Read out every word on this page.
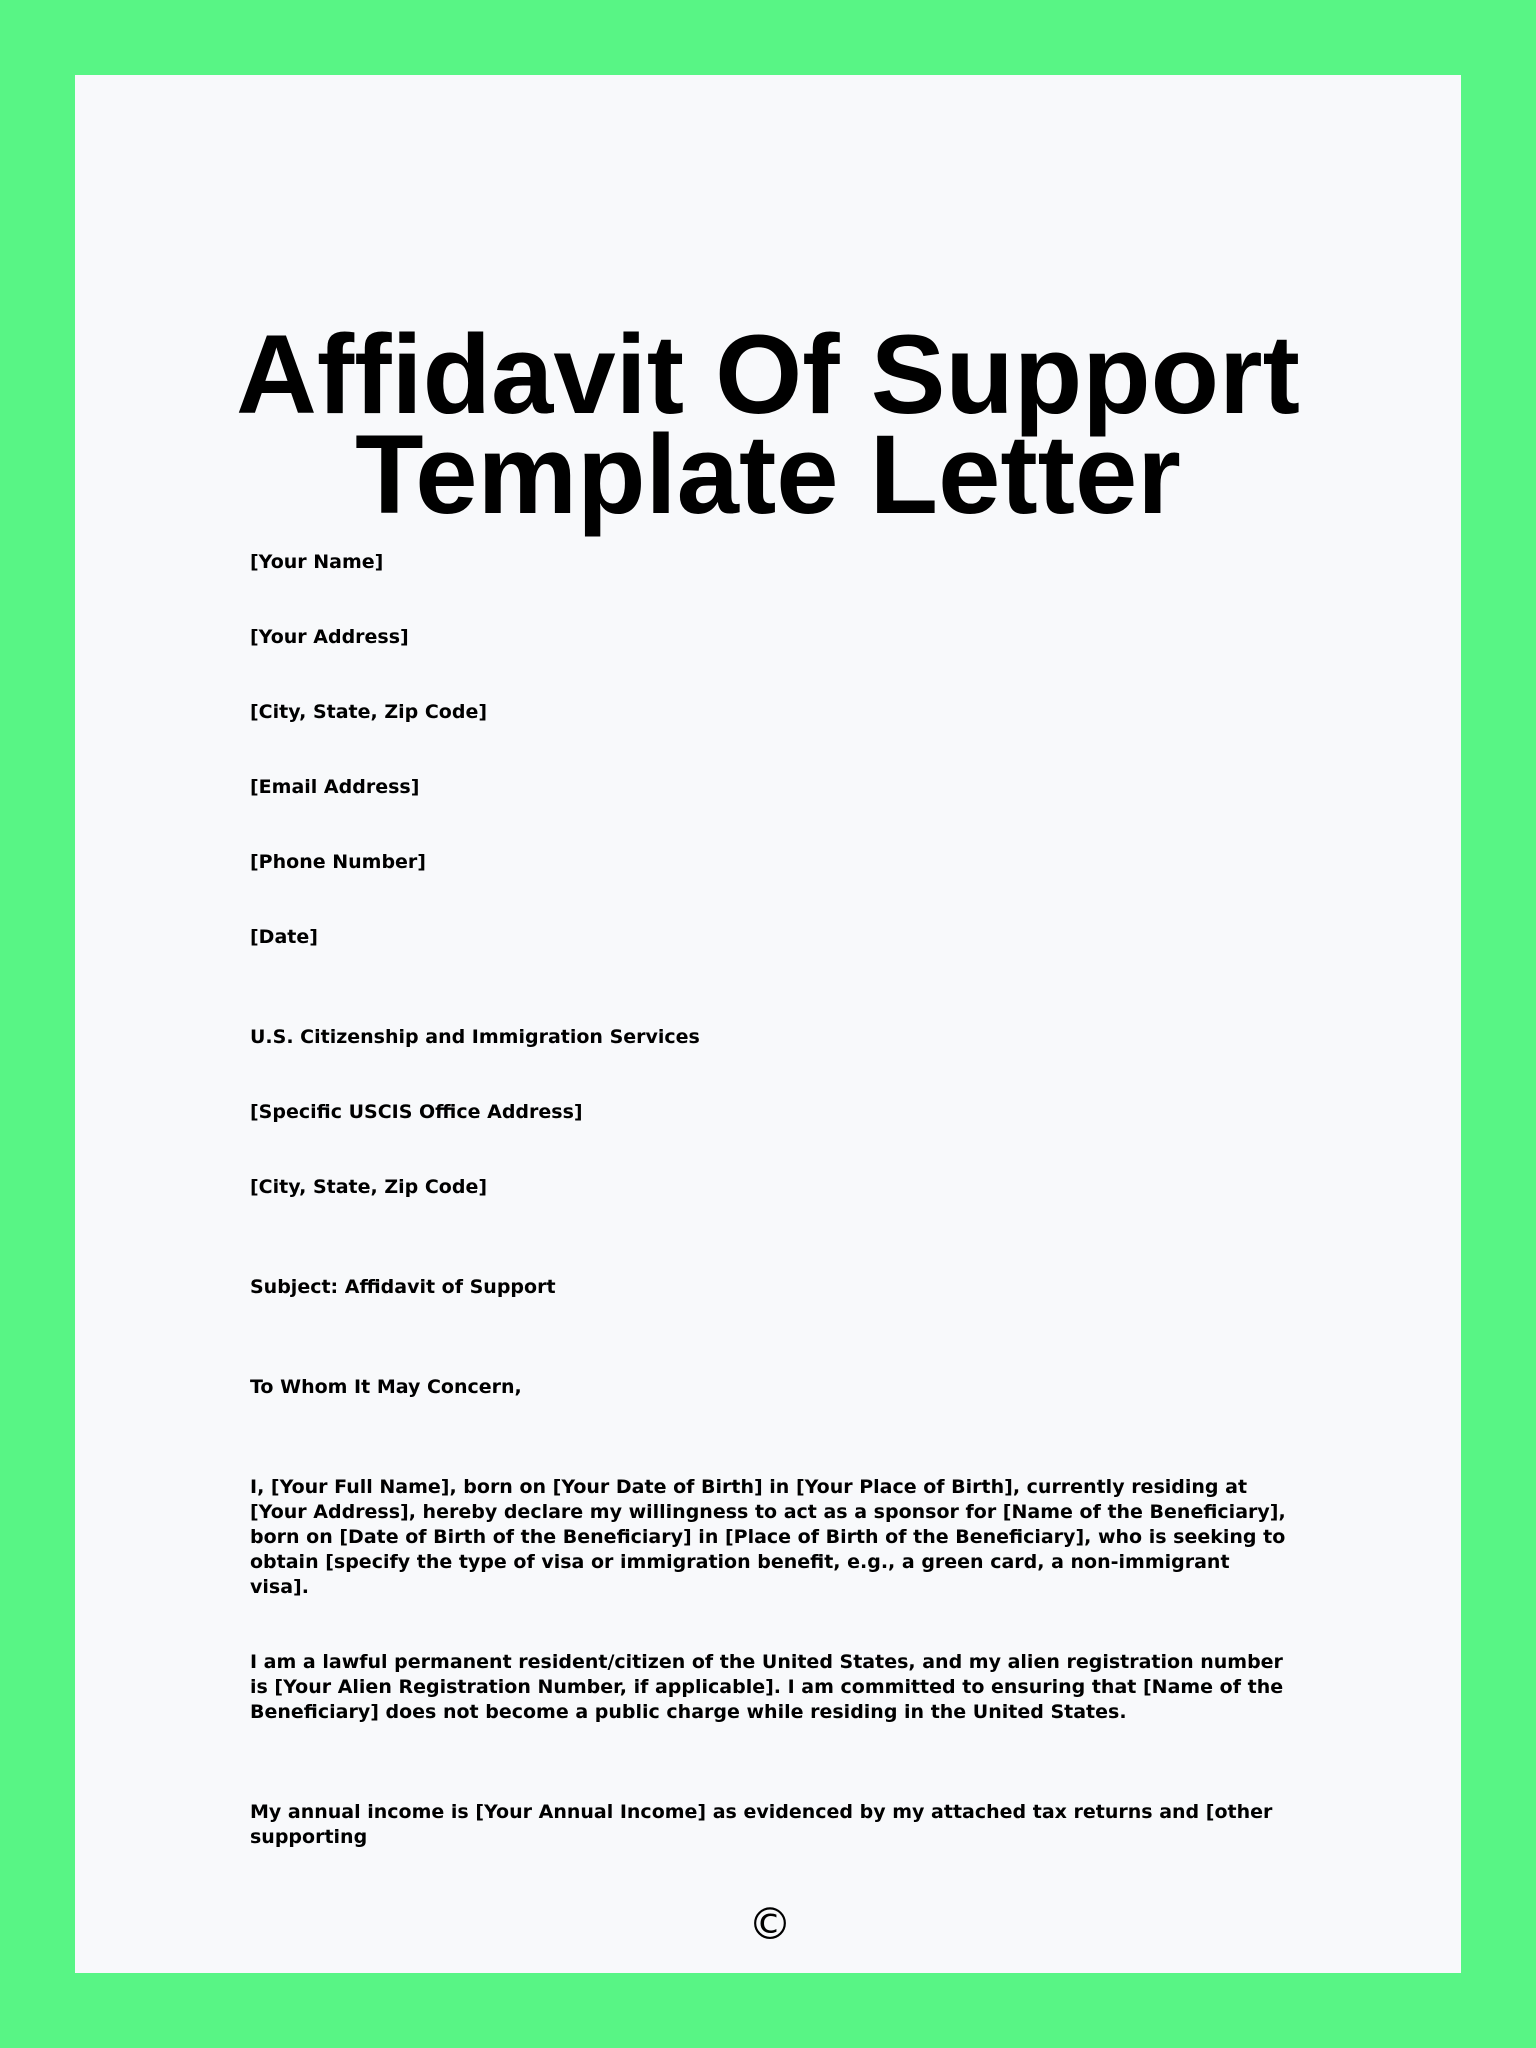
Affidavit Of Support
Template Letter

[Your Name]

[Your Address]

[City, State, Zip Code]

[Email Address]

[Phone Number]

[Date]

U.S. Citizenship and Immigration Services

[Specific USCIS Office Address]

[City, State, Zip Code]

Subject: Affidavit of Support

To Whom It May Concern,

I, [Your Full Name], born on [Your Date of Birth] in [Your Place of Birth], currently residing at [Your Address], hereby declare my willingness to act as a sponsor for [Name of the Beneficiary], born on [Date of Birth of the Beneficiary] in [Place of Birth of the Beneficiary], who is seeking to obtain [specify the type of visa or immigration benefit, e.g., a green card, a non-immigrant visa].

I am a lawful permanent resident/citizen of the United States, and my alien registration number is [Your Alien Registration Number, if applicable]. I am committed to ensuring that [Name of the Beneficiary] does not become a public charge while residing in the United States.

My annual income is [Your Annual Income] as evidenced by my attached tax returns and [other supporting

©
